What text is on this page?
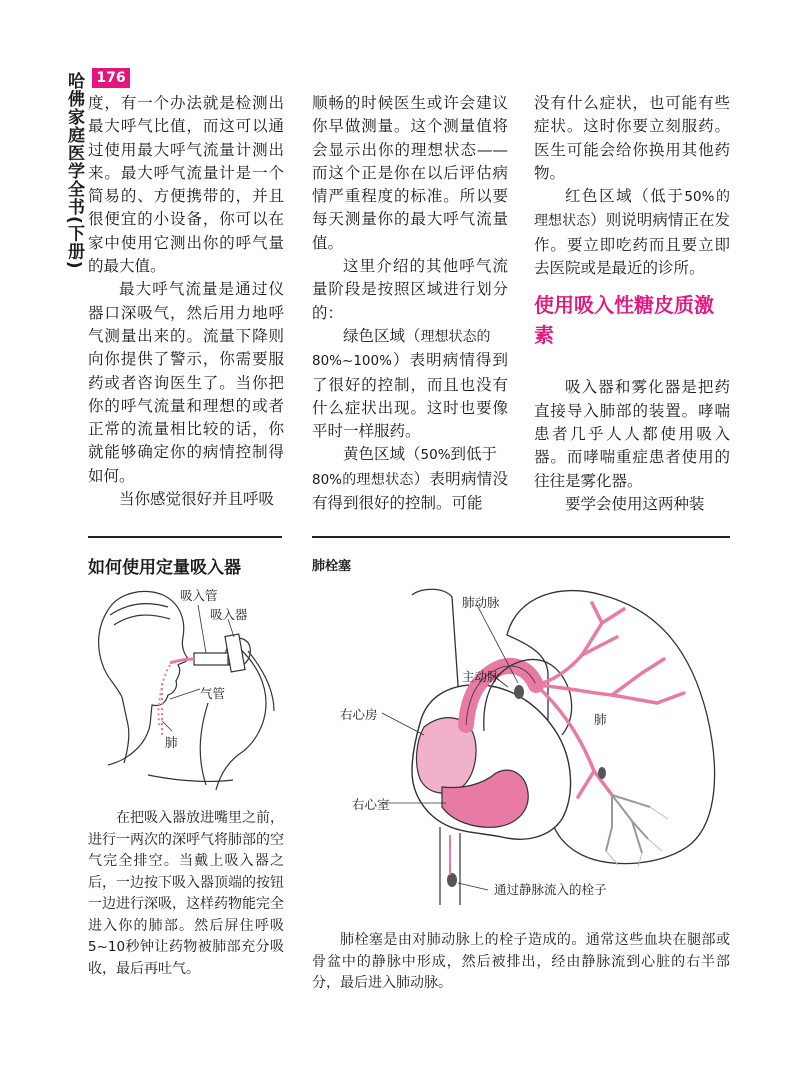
哈佛家庭医学全书(下册) 176

度，有一个办法就是检测出最大呼气比值，而这可以通过使用最大呼气流量计测出来。最大呼气流量计是一个简易的、方便携带的，并且很便宜的小设备，你可以在家中使用它测出你的呼气量的最大值。

最大呼气流量是通过仪器口深吸气，然后用力地呼气测量出来的。流量下降则向你提供了警示，你需要服药或者咨询医生了。当你把你的呼气流量和理想的或者正常的流量相比较的话，你就能够确定你的病情控制得如何。

当你感觉很好并且呼吸

顺畅的时候医生或许会建议你早做测量。这个测量值将会显示出你的理想状态——而这个正是你在以后评估病情严重程度的标准。所以要每天测量你的最大呼气流量值。

这里介绍的其他呼气流量阶段是按照区域进行划分的：

绿色区域（理想状态的
80%~100%）表明病情得到了很好的控制，而且也没有什么症状出现。这时也要像平时一样服药。

黄色区域（50%到低于
80%的理想状态）表明病情没有得到很好的控制。可能

没有什么症状，也可能有些症状。这时你要立刻服药。医生可能会给你换用其他药物。

红色区域（低于50%的理想状态）则说明病情正在发作。要立即吃药而且要立即去医院或是最近的诊所。

使用吸入性糖皮质激素

吸入器和雾化器是把药直接导入肺部的装置。哮喘患者几乎人人都使用吸入器。而哮喘重症患者使用的往往是雾化器。

要学会使用这两种装

如何使用定量吸入器
吸入管
吸入器
气管
肺

在把吸入器放进嘴里之前，进行一两次的深呼气将肺部的空气完全排空。当戴上吸入器之后，一边按下吸入器顶端的按钮一边进行深吸，这样药物能完全进入你的肺部。然后屏住呼吸5~10秒钟让药物被肺部充分吸收，最后再吐气。

肺栓塞
肺动脉
主动脉
右心房	肺
右心室
通过静脉流入的栓子

肺栓塞是由对肺动脉上的栓子造成的。通常这些血块在腿部或骨盆中的静脉中形成，然后被排出，经由静脉流到心脏的右半部分，最后进入肺动脉。
